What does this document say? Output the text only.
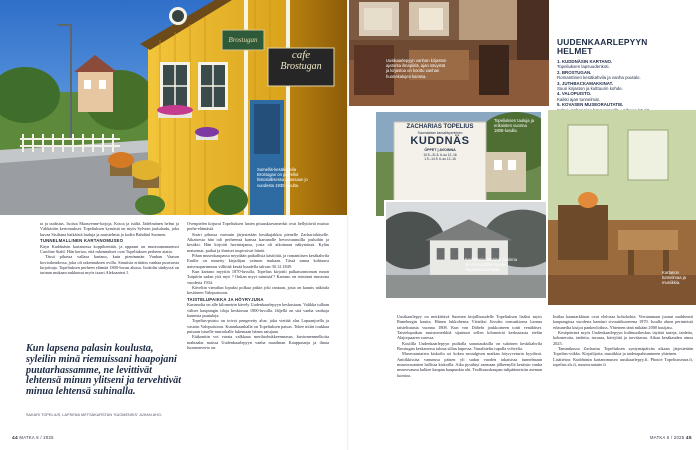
Brostugan
cafe
Brostugan
Sumellis-kesäkahvila Brostugan on palvellut historiallisessa aitassaan jo vuodesta 1930-luvulta.
Uusikaarlepyyn vanhan kirjaston ajatonta ilmapiiriä, ajan sävyistä ja kirjastoa on koottu vanhan huonekalujen kanssa.
UUDENKAARLEPYYN
HELMET
1. KUDDNÄSIN KARTANO.
Topeliuksen lapsuudenkoti.
2. BROSTUGAN.
Romanttinen kesäkahvila ja vanha puutalo.
3. JUTHBACKAMAKKINAT.
Suuri kirjaston ja kulttuurin kohde.
4. VALOPUISTO.
Kaikki ajan tunnelmat.
5. KOVASEN MUSEORAUTATIE.
ZACHARIAS TOPELIUS
Suomalaisen kansallisperinteen
KUDDNÄS
ÖPPET | AVOINNA
15.5.–31.8. ti–su 12–16
1.9.–14.9. ti–su 12–16
Topeliuksen tauluja ja erikoisten vuonna 1808-luvulla.
Kartanon tunnelmaa ja musiikkia.
Kuddnäsin kesäisin avoinna oleva Kuddnäs vuoden Topeliusmuseossa.

ta ja uudistus. Isoista Maasvenne-kirjoja, Kotoa ja isältä. Jädelmänen helmi ja Välikäröin kertomukset. Topeliuksen kymästä on myös Sylvian joululaulu, joka kuvaa Sisiliana haikäisiä lauluja ja muistelmia ja kodin Bahdänl Suomen.

TUNNELMALLINEN KARTANOMUSEO

Käyn Kuddnäsin kartanossa koppikenttää, ja oppaani on museoamanuenssi Caroline Stahl. Hän kertoo, että rakennukset ovat Topeliuksen perheen aiatta.

Tässä pihassa vallasa kartano, kuin pienimmän Vanhan Vaasan hovioikeudessa, joka oli rakennuksen ovilla. Sinuiisia erittäiin vanhaa puuvarsia kirjoittaja. Topeliuksen perheen elämää 1800-luvun alussa. Isoäidin sänkyssä on tarinan mukaan nukkunut myös tsaari Aleksanteri I.

Kun lapsena palasin koulusta, syleilin minä riemuissani haapojani puutarhassamme, ne levittivät lehtensä minun ylitseni ja tervehtivät minua lehtensä suhinalla.
SAKARI TOPELIUS, LAPSENA METSÄKARSTAN 'SUOMENSIS' JUHAN AHO.

Ovenpielen kirjurat Topeliuksen lasten pituuskarvamerkit ovat hellyttäviä muisto perhe-elämästä.

Sisäri pihassa varmuin järjestetään kesäkujakkia pienelle Zacharialaiselle. Aikaisesta hän toli perheensä kanssa kartanolle hevosvaunuilla jouluihin ja kesäksi. Hän kirjoitti havintajansa, josta oli aikoinaan näkymässä. Kylän maisemat, paikat ja ihmiset inspiroivat häntä.

Pihan museokaupassa myydään paikallisia käsitöitä, ja romantiisen kesäkahvila Emilie on nimetty kirjailijan vaimon mukaan. Tässä sanna kohtaava naisvuoparinnuns villittää kesää kuudella tahvan 30.12.1849.

Kun kartano myytiin 1870-luvulla, Topelius kirjoitti palkatsonnoman runon 'Isäpiirin sadan yöä myö ? Onkan myyt mimistä'? Kartano on toiminut museona vuodesta 1934.

Käveltin vierailun lopuksi polkua pitkin joki rantaan, josta on kaunis näköala kesäiseen Valopuistoon.

TAISTELUPAIKKA JA HÖYRYJUNA

Kartanolta on alle kilometrin kävely Uudenkaarlepyyn keskustaan. Valikka tullaan väliset kaupungin tiloja keskiosan 1800-luvulla. Jäljellä on sitä vanha vanhoja kaunista puutaloja.

Topelius-puisto on toivoi pengeretty alue, joka viettää alas Lapuanjoella ja vastoin Valopuistoon. Kuninkaankalla on Topeliuksen patsas. Tekee nitiin toukkaa puisaan istuelle murrokalle lukemaan hänen satujaan.

Etäkonttin voi varata valkkaaa meriluohukkeenmassn, kuvinmenmelkoita mahtaaha maissa Uudenkaarlepyyn vanha maailman Kauppasarja ja ilmaa luonnonverto on.

Uusikaarlepyy on merkittävä Suomen kirjallisuudelle Topeliuksen lisäksi myös Runebergin kautta. Hänen lukkohensa Vättriksi Jösvåin tornuakiorea luonua taisteltutusta vuonna 1808. Kun von Döbeln joukkoineen toitti venäläiset. Taistelupaikan muistomerkkiä sijainnut sellen kilometriä keskustasta etelän Alajoqsaaren varessa.

Koulilla Uudenkaarlepyyn puiltalla sanastauksilla on suloinen keskikahvila Brostugan keskaoessa taloua sillan kupessa. Vanalittelin tupalla vohvelia.

Museorautatien kiskoiln roi kokea nostalgisen matkan höyryveturin kyydissä. Anttikkissisa vanunssa päisen yli sadan vuoden takaisissa tunnelmaan museorautatien hallissa kiskoilla. Aika pysähtyi asemaan jälkeenyllä kesäisin vanha museovaunu kulkee kaupan kaupunkia ohi. Teollisuuskaupan tulipäänteisiin aseman luontoa.

Intilaa kaamarkkinat ovat elolosaa kohokohta. Vieraanmaat juonut muhkeasti kaupungissa vuodesta kantturi sivuuttikuoreena 1970. Isoalla aluen perinteisiä erlauneilta kisijot pankeolotluss. Yhteinen tänä mikään 2000 kusijatu.

Kesäpäivinä myös Uudenkaarlepyyn kulttuurikeskus täyttää tarteja, taidetta, kohnseroita, taidetta, tavaraa, kävijöitä ja tarvittavaa. Aikaa kesäkauden ainoa 2025.

Tammikussa Zacharias Topeliuksen syntymäpäivän aikaan järjestetään Topelius-viikko. Kirjailijoita, musiikkia ja taidetapahtumineen yhteinen.

Lisätietoa: Kuddnäsin kartanomuseo uusikaarlepyy.fi, Photoe Topeliusseura.fi, topelius.sls.fi, museorautatie.fi

44 MATKA 5 / 2025	MATKA 5 / 2025 45
